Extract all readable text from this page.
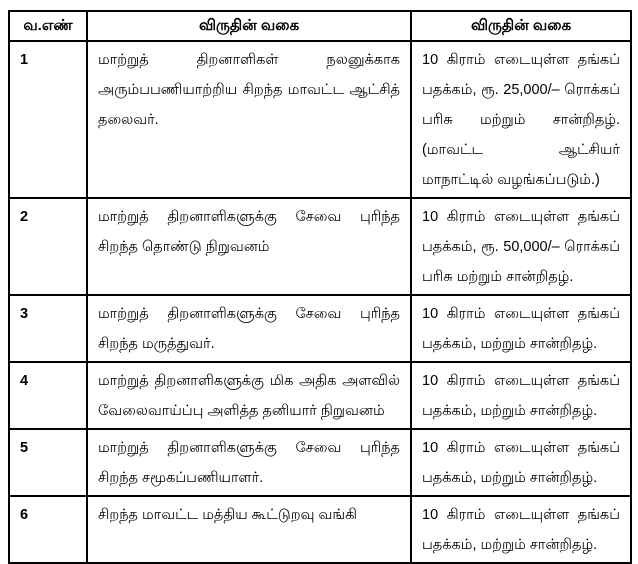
வ.எண்	விருதின் வகை	விருதின் வகை
1	மாற்றுத் திறனாளிகள் நலனுக்காக அரும்பபணியாற்றிய சிறந்த மாவட்ட ஆட்சித் தலைவர்.	10 கிராம் எடையுள்ள தங்கப் பதக்கம், ரூ. 25,000/– ரொக்கப் பரிசு மற்றும் சான்றிதழ். (மாவட்ட ஆட்சியர் மாநாட்டில் வழங்கப்படும்.)
2	மாற்றுத் திறனாளிகளுக்கு சேவை புரிந்த சிறந்த தொண்டு நிறுவனம்	10 கிராம் எடையுள்ள தங்கப் பதக்கம், ரூ. 50,000/– ரொக்கப் பரிசு மற்றும் சான்றிதழ்.
3	மாற்றுத் திறனாளிகளுக்கு சேவை புரிந்த சிறந்த மருத்துவர்.	10 கிராம் எடையுள்ள தங்கப் பதக்கம், மற்றும் சான்றிதழ்.
4	மாற்றுத் திறனாளிகளுக்கு மிக அதிக அளவில் வேலைவாய்ப்பு அளித்த தனியார் நிறுவனம்	10 கிராம் எடையுள்ள தங்கப் பதக்கம், மற்றும் சான்றிதழ்.
5	மாற்றுத் திறனாளிகளுக்கு சேவை புரிந்த சிறந்த சமூகப்பணியாளர்.	10 கிராம் எடையுள்ள தங்கப் பதக்கம், மற்றும் சான்றிதழ்.
6	சிறந்த மாவட்ட மத்திய கூட்டுறவு வங்கி	10 கிராம் எடையுள்ள தங்கப் பதக்கம், மற்றும் சான்றிதழ்.
